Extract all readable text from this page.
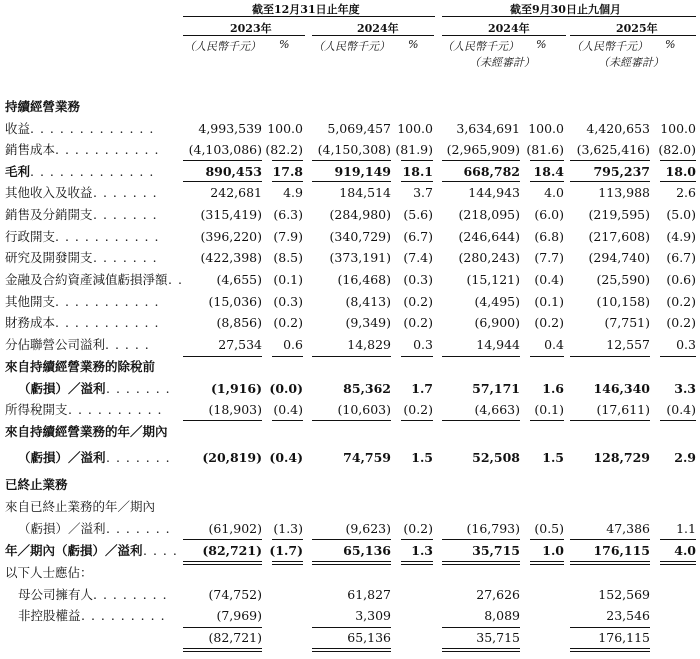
截至12月31日止年度	截至9月30日止九個月
2023年	2024年	2024年	2025年
（人民幣千元） % （人民幣千元） % （人民幣千元） % （人民幣千元） %
（未經審計）	（未經審計）
持續經營業務
收益 . . . . . . . . . . . . .	4,993,539 100.0	5,069,457 100.0	3,634,691 100.0	4,420,653 100.0
銷售成本 . . . . . . . . . . .	(4,103,086) (82.2)	(4,150,308) (81.9)	(2,965,909) (81.6)	(3,625,416) (82.0)
毛利 . . . . . . . . . . . . .	890,453 17.8	919,149 18.1	668,782	18.4	795,237	18.0
其他收入及收益 . . . . . . .	242,681	4.9	184,514	3.7	144,943	4.0	113,988	2.6
銷售及分銷開支 . . . . . . .	(315,419) (6.3)	(284,980) (5.6)	(218,095)	(6.0)	(219,595)	(5.0)
行政開支 . . . . . . . . . . .	(396,220) (7.9)	(340,729) (6.7)	(246,644)	(6.8)	(217,608)	(4.9)
研究及開發開支 . . . . . . .	(422,398) (8.5)	(373,191) (7.4)	(280,243)	(7.7)	(294,740)	(6.7)
金融及合約資產減值虧損淨額 . .	(4,655) (0.1)	(16,468) (0.3)	(15,121)	(0.4)	(25,590)	(0.6)
其他開支 . . . . . . . . . . .	(15,036) (0.3)	(8,413) (0.2)	(4,495)	(0.1)	(10,158)	(0.2)
財務成本 . . . . . . . . . . .	(8,856) (0.2)	(9,349) (0.2)	(6,900)	(0.2)	(7,751)	(0.2)
分佔聯營公司溢利 . . . . .	27,534	0.6	14,829	0.3	14,944	0.4	12,557	0.3
來自持續經營業務的除稅前
（虧損）／溢利 . . . . . . .	(1,916) (0.0)	85,362	1.7	57,171	1.6	146,340	3.3
所得稅開支 . . . . . . . . . .	(18,903) (0.4)	(10,603) (0.2)	(4,663)	(0.1)	(17,611)	(0.4)
來自持續經營業務的年／期內
（虧損）／溢利 . . . . . . .	(20,819) (0.4)	74,759	1.5	52,508	1.5	128,729	2.9
已終止業務
來自已終止業務的年／期內
（虧損）／溢利 . . . . . . .	(61,902) (1.3)	(9,623) (0.2)	(16,793)	(0.5)	47,386	1.1
年／期內（虧損）／溢利 . . . .	(82,721) (1.7)	65,136	1.3	35,715	1.0	176,115	4.0
以下人士應佔：
母公司擁有人 . . . . . . . .	(74,752)	61,827	27,626	152,569
非控股權益 . . . . . . . . .	(7,969)	3,309	8,089	23,546
(82,721)	65,136	35,715	176,115
